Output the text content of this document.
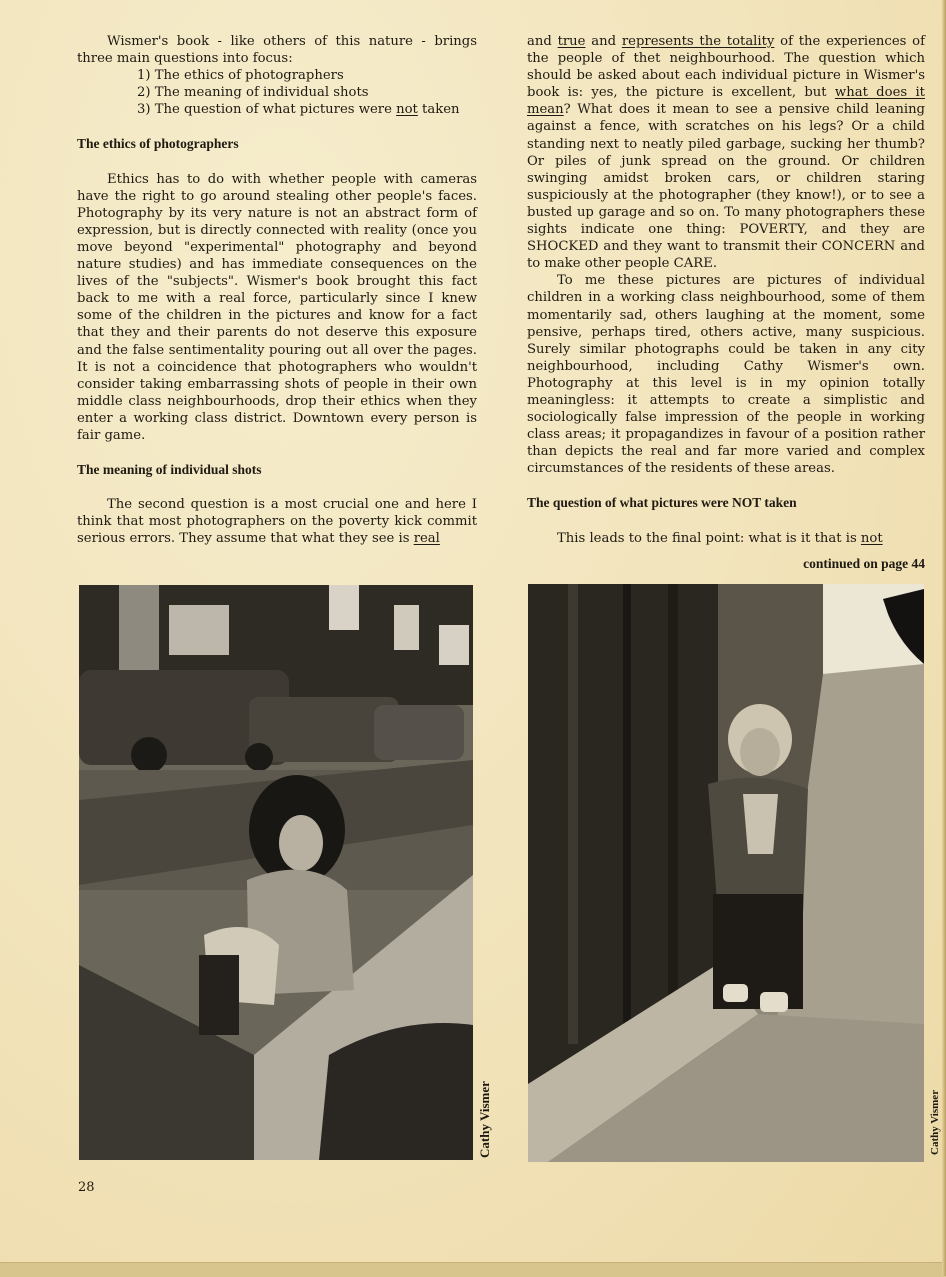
Wismer's book - like others of this nature - brings three main questions into focus:

1) The ethics of photographers
2) The meaning of individual shots
3) The question of what pictures were not taken
The ethics of photographers

Ethics has to do with whether people with cameras have the right to go around stealing other people's faces. Photography by its very nature is not an abstract form of expression, but is directly connected with reality (once you move beyond "experimental" photography and beyond nature studies) and has immediate consequences on the lives of the "subjects". Wismer's book brought this fact back to me with a real force, particularly since I knew some of the children in the pictures and know for a fact that they and their parents do not deserve this exposure and the false sentimentality pouring out all over the pages. It is not a coincidence that photographers who wouldn't consider taking embarrassing shots of people in their own middle class neighbourhoods, drop their ethics when they enter a working class district. Downtown every person is fair game.

The meaning of individual shots

The second question is a most crucial one and here I think that most photographers on the poverty kick commit serious errors. They assume that what they see is real

and true and represents the totality of the experiences of the people of thet neighbourhood. The question which should be asked about each individual picture in Wismer's book is: yes, the picture is excellent, but what does it mean? What does it mean to see a pensive child leaning against a fence, with scratches on his legs? Or a child standing next to neatly piled garbage, sucking her thumb? Or piles of junk spread on the ground. Or children swinging amidst broken cars, or children staring suspiciously at the photographer (they know!), or to see a busted up garage and so on. To many photographers these sights indicate one thing: POVERTY, and they are SHOCKED and they want to transmit their CONCERN and to make other people CARE.

To me these pictures are pictures of individual children in a working class neighbourhood, some of them momentarily sad, others laughing at the moment, some pensive, perhaps tired, others active, many suspicious. Surely similar photographs could be taken in any city neighbourhood, including Cathy Wismer's own. Photography at this level is in my opinion totally meaningless: it attempts to create a simplistic and sociologically false impression of the people in working class areas; it propagandizes in favour of a position rather than depicts the real and far more varied and complex circumstances of the residents of these areas.

The question of what pictures were NOT taken

This leads to the final point: what is it that is not

continued on page 44
Cathy Vismer	Cathy Vismer
28
